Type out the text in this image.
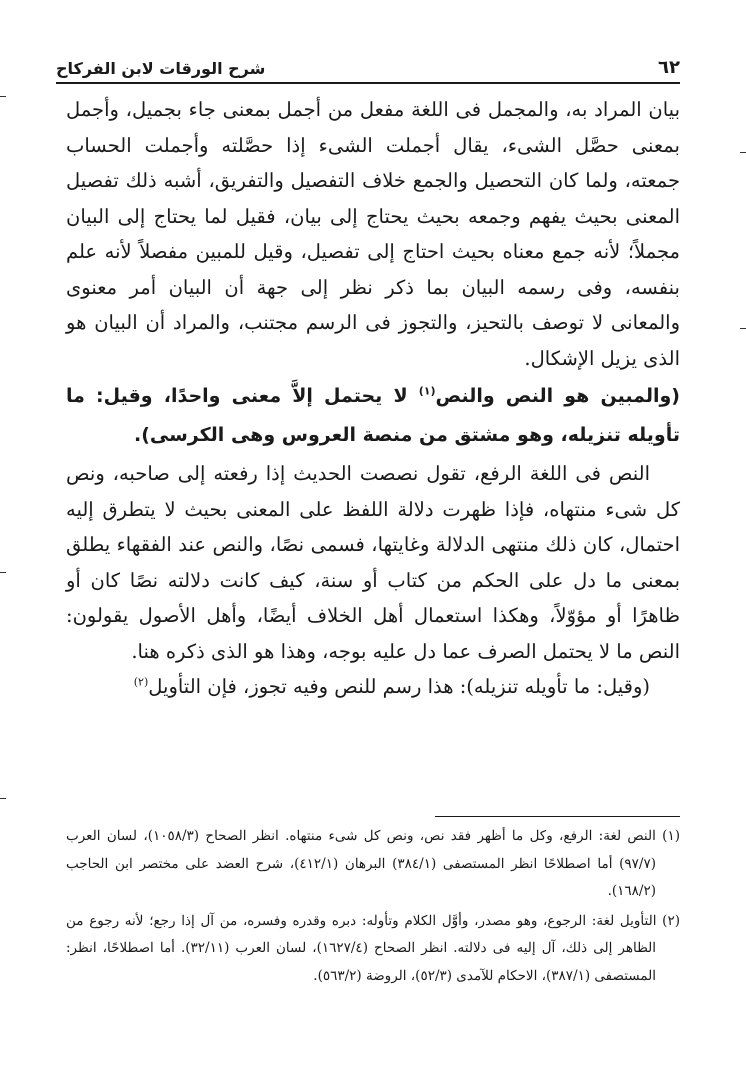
٦٢
شرح الورقات لابن الفركاح

بيان المراد به، والمجمل فى اللغة مفعل من أجمل بمعنى جاء بجميل، وأجمل بمعنى حصَّل الشىء، يقال أجملت الشىء إذا حصَّلته وأجملت الحساب جمعته، ولما كان التحصيل والجمع خلاف التفصيل والتفريق، أشبه ذلك تفصيل المعنى بحيث يفهم وجمعه بحيث يحتاج إلى بيان، فقيل لما يحتاج إلى البيان مجملاً؛ لأنه جمع معناه بحيث احتاج إلى تفصيل، وقيل للمبين مفصلاً لأنه علم بنفسه، وفى رسمه البيان بما ذكر نظر إلى جهة أن البيان أمر معنوى والمعانى لا توصف بالتحيز، والتجوز فى الرسم مجتنب، والمراد أن البيان هو الذى يزيل الإشكال.

(والمبين هو النص والنص$^{(١)}$ لا يحتمل إلاَّ معنى واحدًا، وقيل: ما تأويله تنزيله، وهو مشتق من منصة العروس وهى الكرسى).

النص فى اللغة الرفع، تقول نصصت الحديث إذا رفعته إلى صاحبه، ونص كل شىء منتهاه، فإذا ظهرت دلالة اللفظ على المعنى بحيث لا يتطرق إليه احتمال، كان ذلك منتهى الدلالة وغايتها، فسمى نصًا، والنص عند الفقهاء يطلق بمعنى ما دل على الحكم من كتاب أو سنة، كيف كانت دلالته نصًا كان أو ظاهرًا أو مؤوّلاً، وهكذا استعمال أهل الخلاف أيضًا، وأهل الأصول يقولون: النص ما لا يحتمل الصرف عما دل عليه بوجه، وهذا هو الذى ذكره هنا.

(وقيل: ما تأويله تنزيله): هذا رسم للنص وفيه تجوز، فإن التأويل$^{(٢)}$

(١) النص لغة: الرفع، وكل ما أظهر فقد نص، ونص كل شىء منتهاه. انظر الصحاح (١٠٥٨/٣)، لسان العرب (٩٧/٧) أما اصطلاحًا انظر المستصفى (٣٨٤/١) البرهان (٤١٢/١)، شرح العضد على مختصر ابن الحاجب (١٦٨/٢).

(٢) التأويل لغة: الرجوع، وهو مصدر، وأوَّل الكلام وتأوله: دبره وقدره وفسره، من آل إذا رجع؛ لأنه رجوع من الظاهر إلى ذلك، آل إليه فى دلالته. انظر الصحاح (١٦٢٧/٤)، لسان العرب (٣٢/١١). أما اصطلاحًا، انظر: المستصفى (٣٨٧/١)، الاحكام للآمدى (٥٢/٣)، الروضة (٥٦٣/٢).
